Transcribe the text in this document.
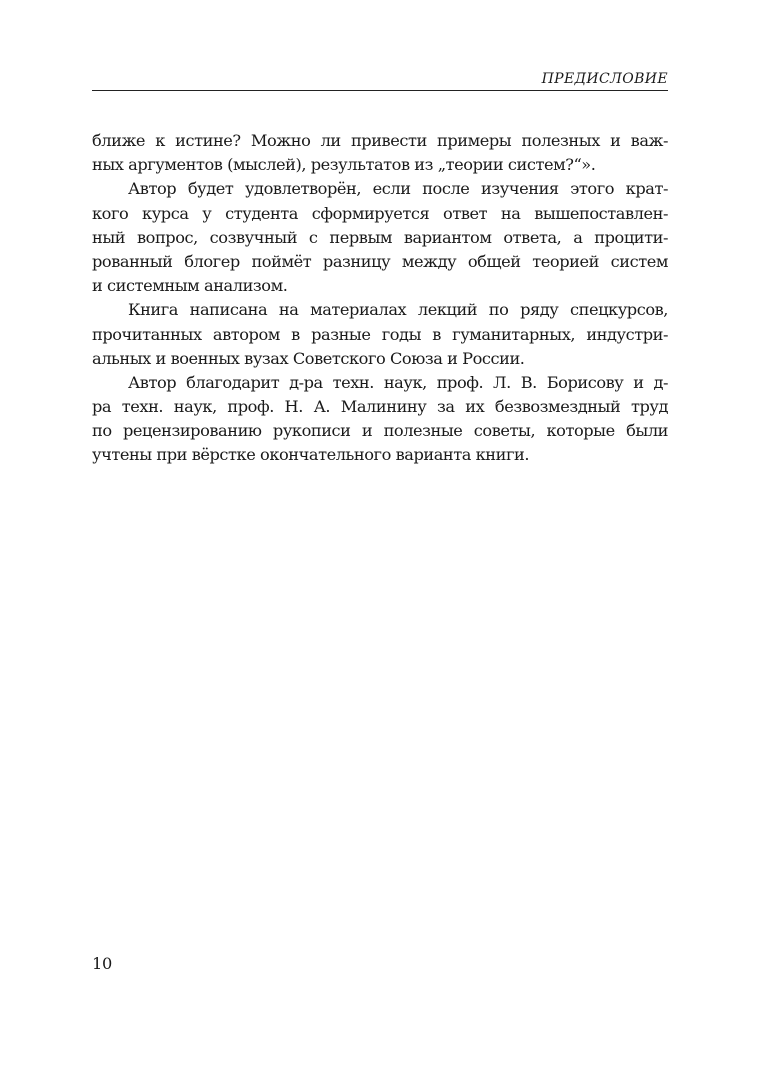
ПРЕДИСЛОВИЕ
ближе к истине? Можно ли привести примеры полезных и важ-
ных аргументов (мыслей), результатов из „теории систем?“».
Автор будет удовлетворён, если после изучения этого крат-
кого курса у студента сформируется ответ на вышепоставлен-
ный вопрос, созвучный с первым вариантом ответа, а процити-
рованный блогер поймёт разницу между общей теорией систем
и системным анализом.
Книга написана на материалах лекций по ряду спецкурсов,
прочитанных автором в разные годы в гуманитарных, индустри-
альных и военных вузах Советского Союза и России.
Автор благодарит д-ра техн. наук, проф. Л. В. Борисову и д-
ра техн. наук, проф. Н. А. Малинину за их безвозмездный труд
по рецензированию рукописи и полезные советы, которые были
учтены при вёрстке окончательного варианта книги.
10
